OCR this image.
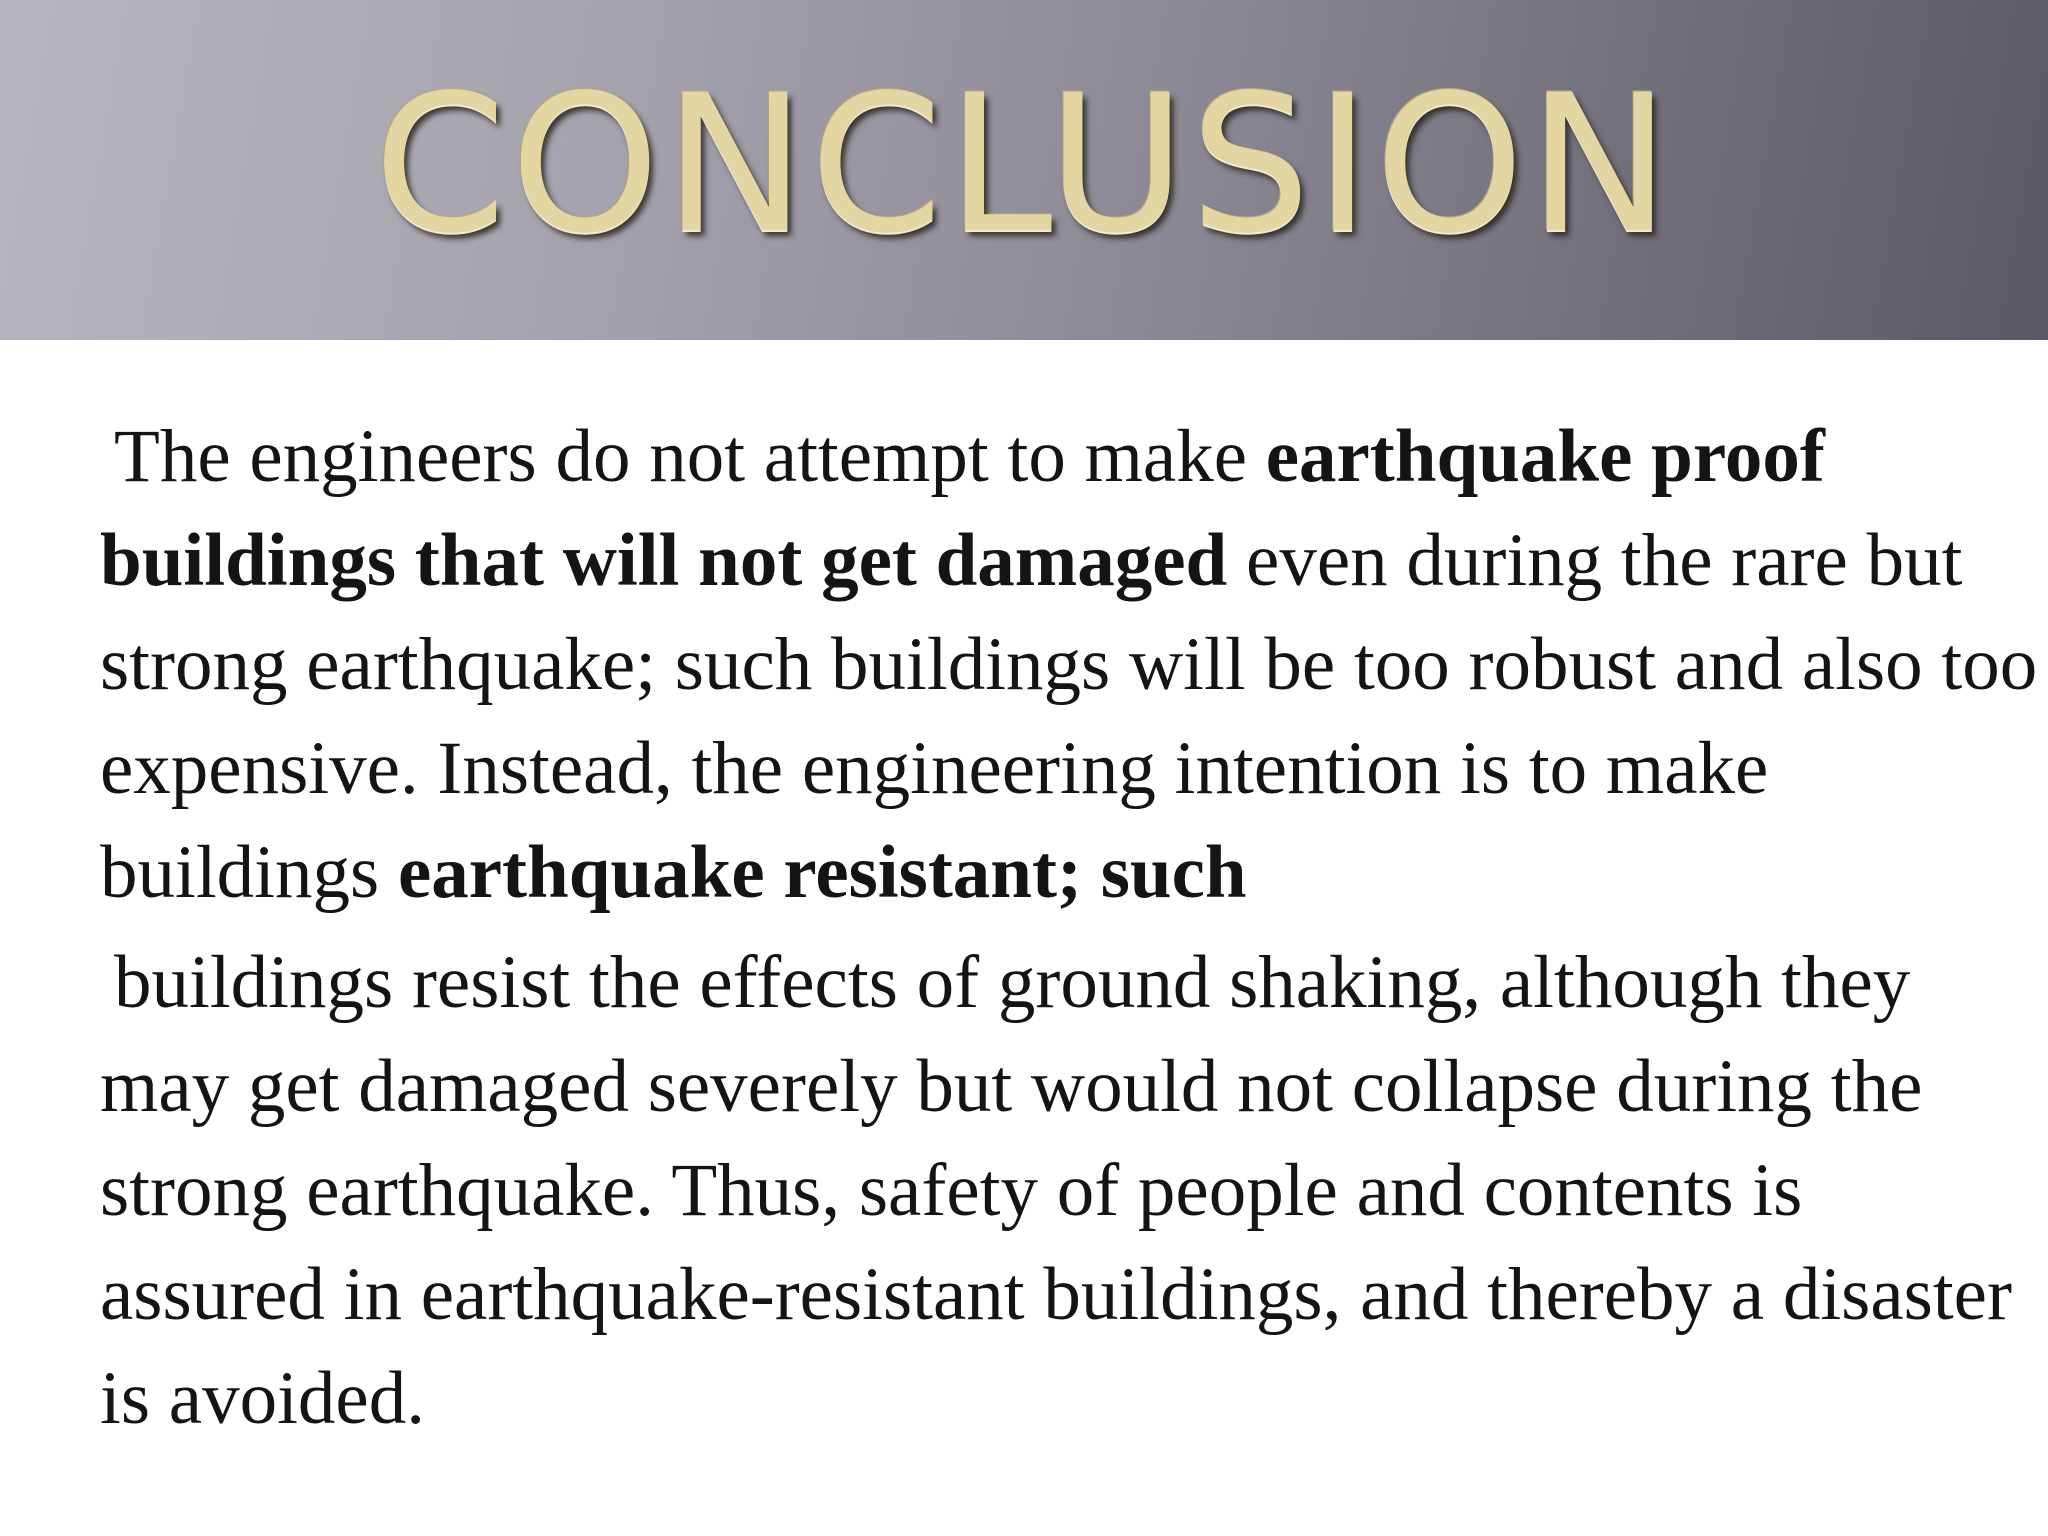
CONCLUSION

The engineers do not attempt to make earthquake proof buildings that will not get damaged even during the rare but strong earthquake; such buildings will be too robust and also too expensive. Instead, the engineering intention is to make buildings earthquake resistant; such

buildings resist the effects of ground shaking, although they may get damaged severely but would not collapse during the strong earthquake. Thus, safety of people and contents is assured in earthquake-resistant buildings, and thereby a disaster is avoided.
